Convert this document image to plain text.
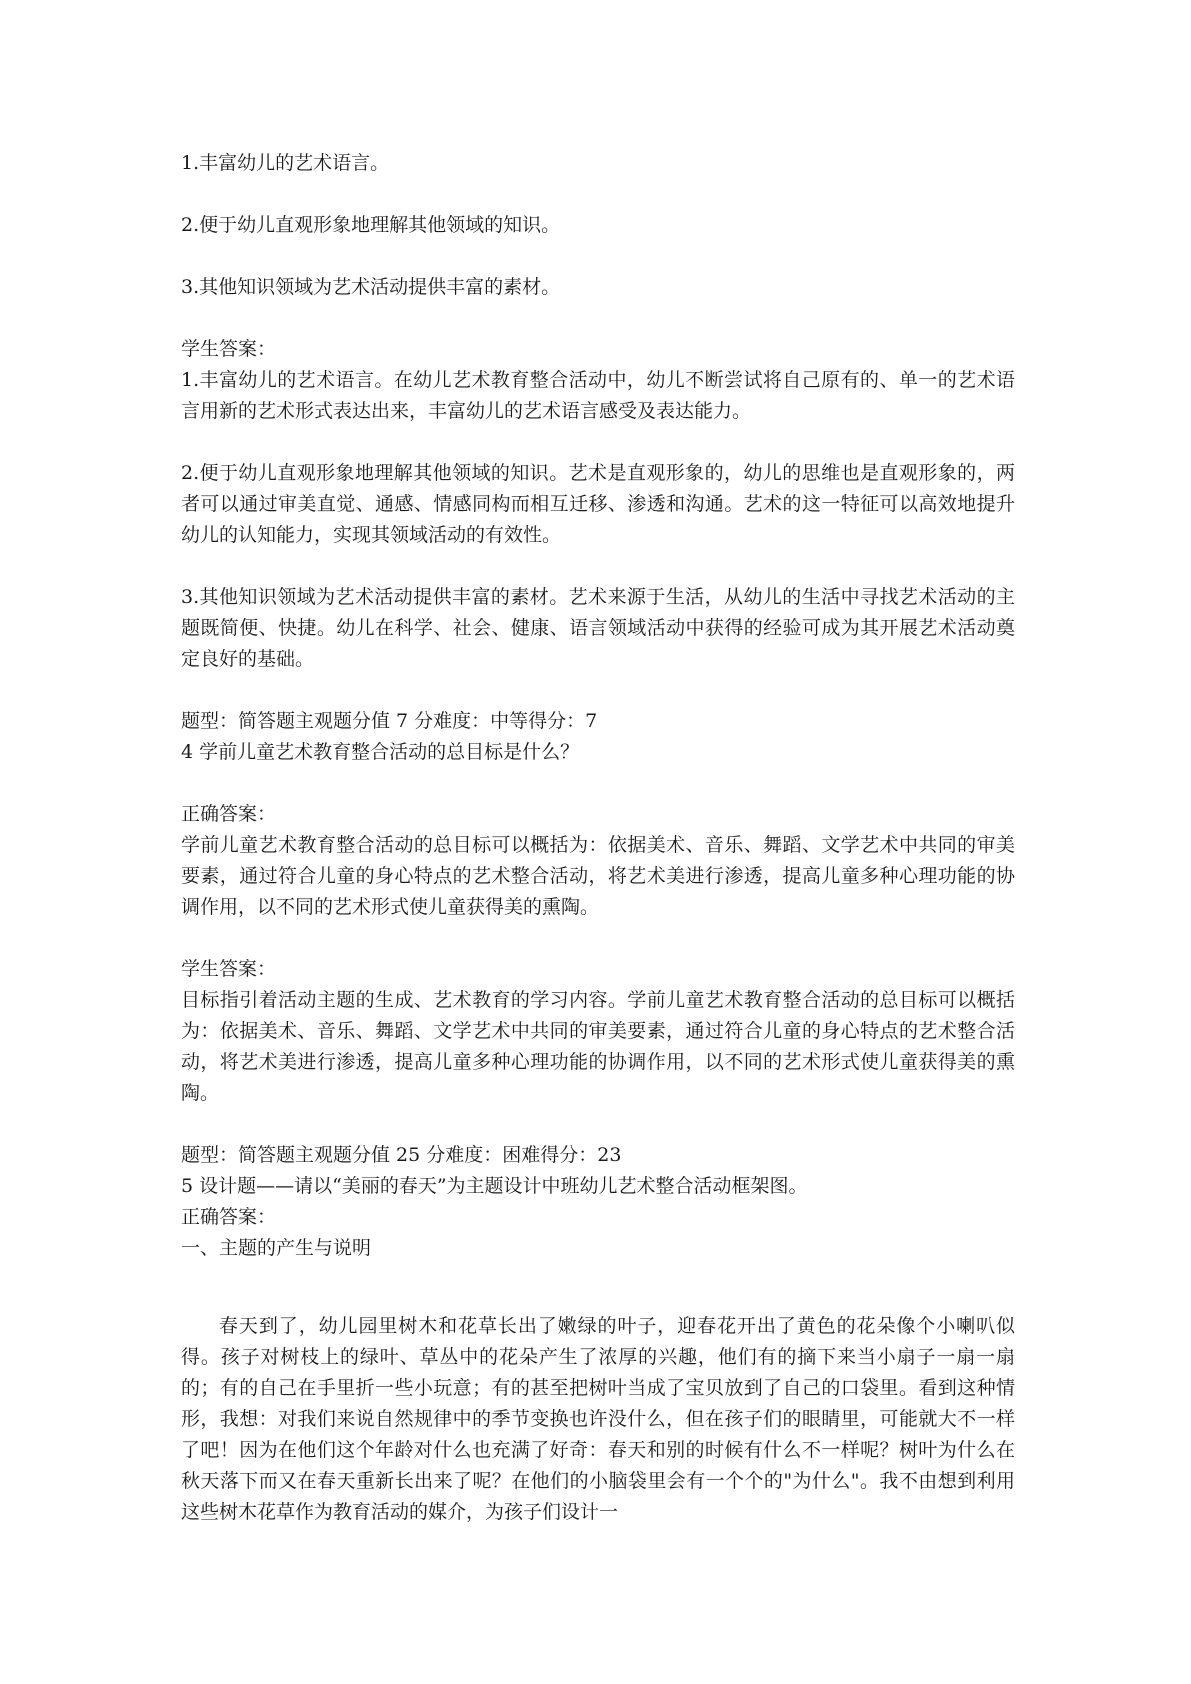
1.丰富幼儿的艺术语言。
2.便于幼儿直观形象地理解其他领域的知识。
3.其他知识领域为艺术活动提供丰富的素材。
学生答案：
1.丰富幼儿的艺术语言。在幼儿艺术教育整合活动中，幼儿不断尝试将自己原有的、单一的艺术语言用新的艺术形式表达出来，丰富幼儿的艺术语言感受及表达能力。
2.便于幼儿直观形象地理解其他领域的知识。艺术是直观形象的，幼儿的思维也是直观形象的，两者可以通过审美直觉、通感、情感同构而相互迁移、渗透和沟通。艺术的这一特征可以高效地提升幼儿的认知能力，实现其领域活动的有效性。
3.其他知识领域为艺术活动提供丰富的素材。艺术来源于生活，从幼儿的生活中寻找艺术活动的主题既简便、快捷。幼儿在科学、社会、健康、语言领域活动中获得的经验可成为其开展艺术活动奠定良好的基础。
题型：简答题主观题分值 7 分难度：中等得分：7
4 学前儿童艺术教育整合活动的总目标是什么？
正确答案：
学前儿童艺术教育整合活动的总目标可以概括为：依据美术、音乐、舞蹈、文学艺术中共同的审美要素，通过符合儿童的身心特点的艺术整合活动，将艺术美进行渗透，提高儿童多种心理功能的协调作用，以不同的艺术形式使儿童获得美的熏陶。
学生答案：
目标指引着活动主题的生成、艺术教育的学习内容。学前儿童艺术教育整合活动的总目标可以概括为：依据美术、音乐、舞蹈、文学艺术中共同的审美要素，通过符合儿童的身心特点的艺术整合活动，将艺术美进行渗透，提高儿童多种心理功能的协调作用，以不同的艺术形式使儿童获得美的熏陶。
题型：简答题主观题分值 25 分难度：困难得分：23
5 设计题——请以“美丽的春天”为主题设计中班幼儿艺术整合活动框架图。
正确答案：
一、主题的产生与说明
春天到了，幼儿园里树木和花草长出了嫩绿的叶子，迎春花开出了黄色的花朵像个小喇叭似得。孩子对树枝上的绿叶、草丛中的花朵产生了浓厚的兴趣，他们有的摘下来当小扇子一扇一扇的；有的自己在手里折一些小玩意；有的甚至把树叶当成了宝贝放到了自己的口袋里。看到这种情形，我想：对我们来说自然规律中的季节变换也许没什么，但在孩子们的眼睛里，可能就大不一样了吧！因为在他们这个年龄对什么也充满了好奇：春天和别的时候有什么不一样呢？树叶为什么在秋天落下而又在春天重新长出来了呢？在他们的小脑袋里会有一个个的"为什么"。我不由想到利用这些树木花草作为教育活动的媒介，为孩子们设计一
